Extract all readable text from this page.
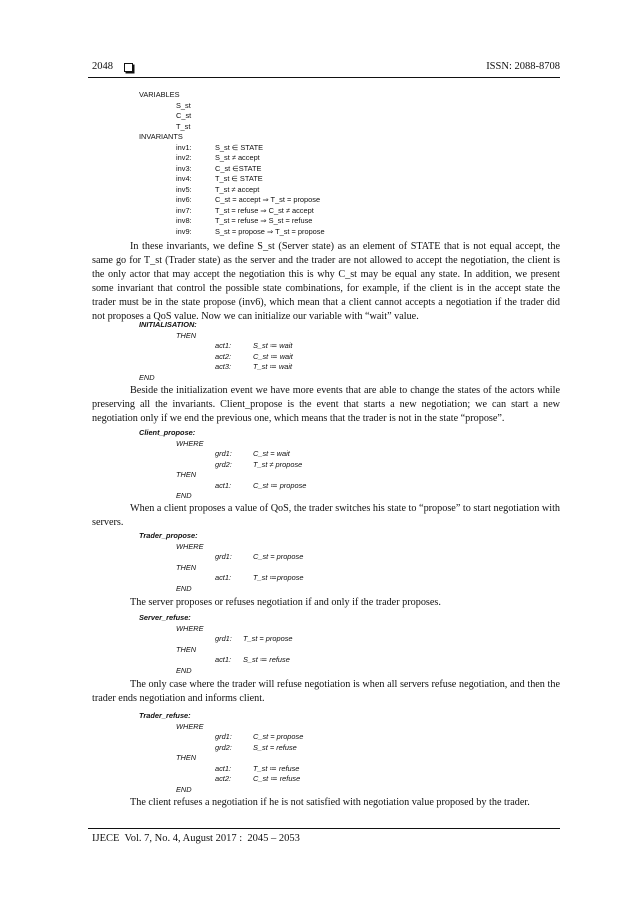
2048	ISSN: 2088-8708
VARIABLES
S_st
C_st
T_st
INVARIANTS
inv1:	S_st ∈ STATE
inv2:	S_st ≠ accept
inv3:	C_st ∈STATE
inv4:	T_st ∈ STATE
inv5:	T_st ≠ accept
inv6:	C_st = accept ⇒ T_st = propose
inv7:	T_st = refuse ⇒ C_st ≠ accept
inv8:	T_st = refuse ⇒ S_st = refuse
inv9:	S_st = propose ⇒ T_st = propose
In these invariants, we define S_st (Server state) as an element of STATE that is not equal accept, the same go for T_st (Trader state) as the server and the trader are not allowed to accept the negotiation, the client is the only actor that may accept the negotiation this is why C_st may be equal any state. In addition, we present some invariant that control the possible state combinations, for example, if the client is in the accept state the trader must be in the state propose (inv6), which mean that a client cannot accepts a negotiation if the trader did not proposes a QoS value. Now we can initialize our variable with “wait” value.
INITIALISATION:
THEN
act1:	S_st ≔ wait
act2:	C_st ≔ wait
act3:	T_st ≔ wait
END
Beside the initialization event we have more events that are able to change the states of the actors while preserving all the invariants. Client_propose is the event that starts a new negotiation; we can start a new negotiation only if we end the previous one, which means that the trader is not in the state “propose”.
Client_propose:
WHERE
grd1:	C_st = wait
grd2:	T_st ≠ propose
THEN
act1:	C_st ≔ propose
END
When a client proposes a value of QoS, the trader switches his state to “propose” to start negotiation with servers.
Trader_propose:
WHERE
grd1:	C_st = propose
THEN
act1:	T_st ≔propose
END
The server proposes or refuses negotiation if and only if the trader proposes.
Server_refuse:
WHERE
grd1: T_st = propose
THEN
act1: S_st ≔ refuse
END
The only case where the trader will refuse negotiation is when all servers refuse negotiation, and then the trader ends negotiation and informs client.
Trader_refuse:
WHERE
grd1:	C_st = propose
grd2:	S_st = refuse
THEN
act1:	T_st ≔ refuse
act2:	C_st ≔ refuse
END
The client refuses a negotiation if he is not satisfied with negotiation value proposed by the trader.
IJECE  Vol. 7, No. 4, August 2017 :  2045 – 2053
